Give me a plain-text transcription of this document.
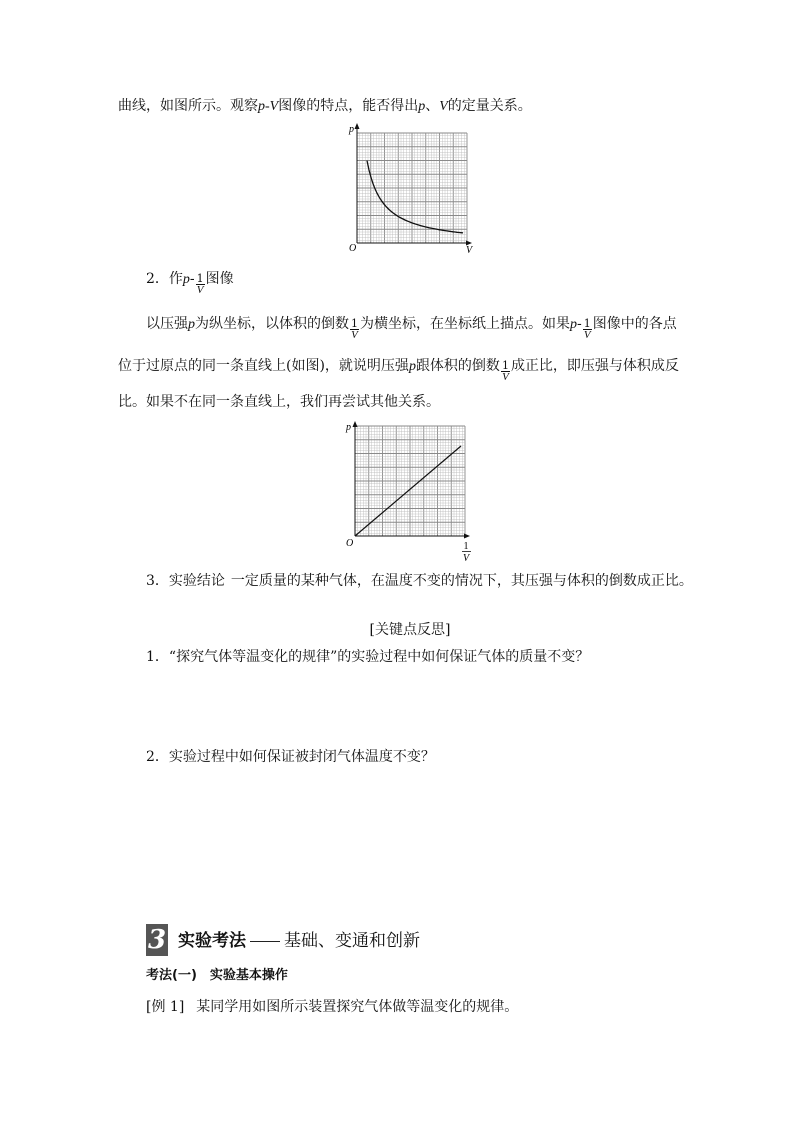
曲线，如图所示。观察p-V图像的特点，能否得出p、V的定量关系。
p
V
O
2．作$p- \frac{1}{V}$ 图像
以压强p为纵坐标，以体积的倒数 $\frac{1}{V}$ 为横坐标，在坐标纸上描点。如果$p- \frac{1}{V}$ 图像中的各点
位于过原点的同一条直线上(如图)，就说明压强p跟体积的倒数 $\frac{1}{V}$ 成正比，即压强与体积成反
比。如果不在同一条直线上，我们再尝试其他关系。
p
O	1
V
3．实验结论 一定质量的某种气体，在温度不变的情况下，其压强与体积的倒数成正比。
[关键点反思]
1．“探究气体等温变化的规律”的实验过程中如何保证气体的质量不变？
2．实验过程中如何保证被封闭气体温度不变？
3 实验考法 基础、变通和创新
考法(一)　实验基本操作
[例 1] 某同学用如图所示装置探究气体做等温变化的规律。
